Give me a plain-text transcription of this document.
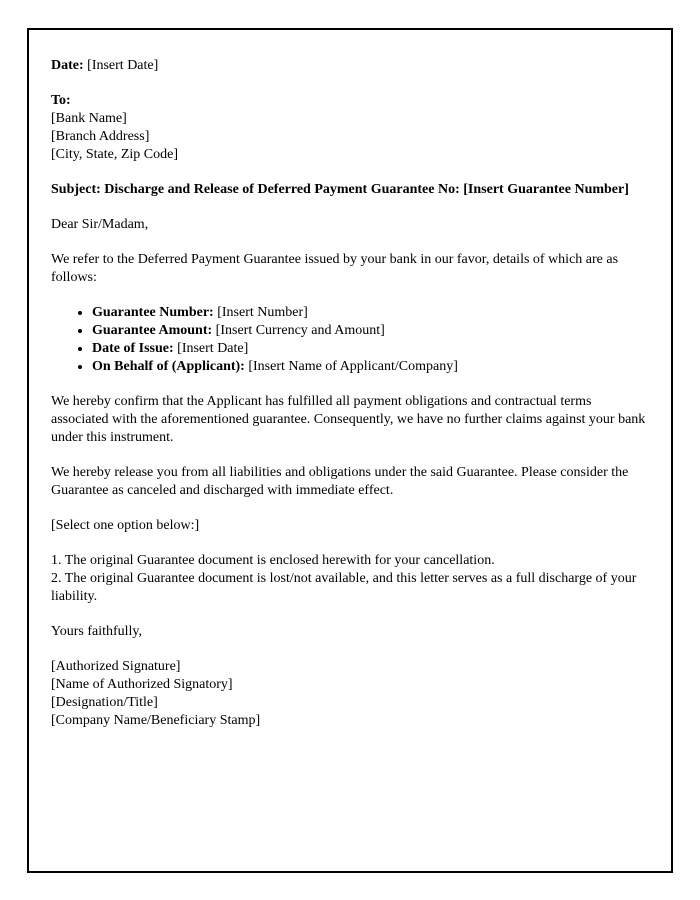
Date: [Insert Date]

To:
[Bank Name]
[Branch Address]
[City, State, Zip Code]

Subject: Discharge and Release of Deferred Payment Guarantee No: [Insert Guarantee Number]

Dear Sir/Madam,

We refer to the Deferred Payment Guarantee issued by your bank in our favor, details of which are as follows:

• Guarantee Number: [Insert Number]
• Guarantee Amount: [Insert Currency and Amount]
• Date of Issue: [Insert Date]
• On Behalf of (Applicant): [Insert Name of Applicant/Company]

We hereby confirm that the Applicant has fulfilled all payment obligations and contractual terms associated with the aforementioned guarantee. Consequently, we have no further claims against your bank under this instrument.

We hereby release you from all liabilities and obligations under the said Guarantee. Please consider the Guarantee as canceled and discharged with immediate effect.

[Select one option below:]

1. The original Guarantee document is enclosed herewith for your cancellation.
2. The original Guarantee document is lost/not available, and this letter serves as a full discharge of your liability.

Yours faithfully,

[Authorized Signature]
[Name of Authorized Signatory]
[Designation/Title]
[Company Name/Beneficiary Stamp]
